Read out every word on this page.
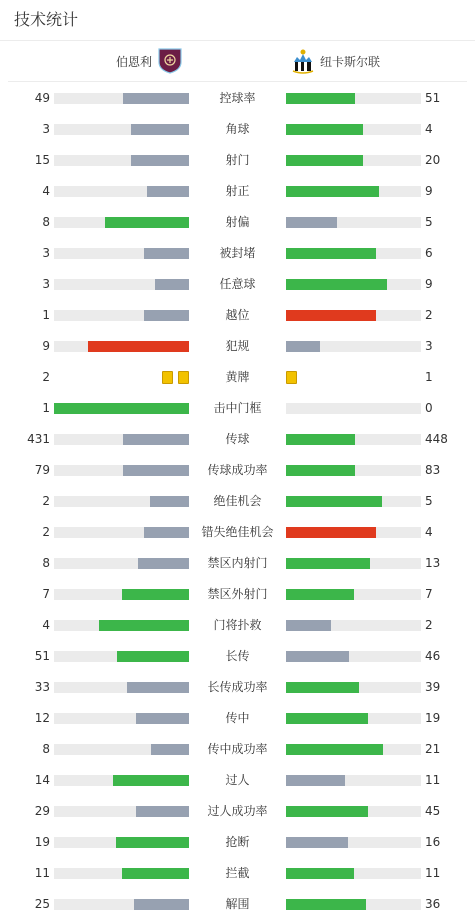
技术统计
伯恩利	纽卡斯尔联
49	控球率	51
3	角球	4
15	射门	20
4	射正	9
8	射偏	5
3	被封堵	6
3	任意球	9
1	越位	2
9	犯规	3
2	黄牌	1
1	击中门框	0
431	传球	448
79	传球成功率	83
2	绝佳机会	5
2	错失绝佳机会	4
8	禁区内射门	13
7	禁区外射门	7
4	门将扑救	2
51	长传	46
33	长传成功率	39
12	传中	19
8	传中成功率	21
14	过人	11
29	过人成功率	45
19	抢断	16
11	拦截	11
25	解围	36
